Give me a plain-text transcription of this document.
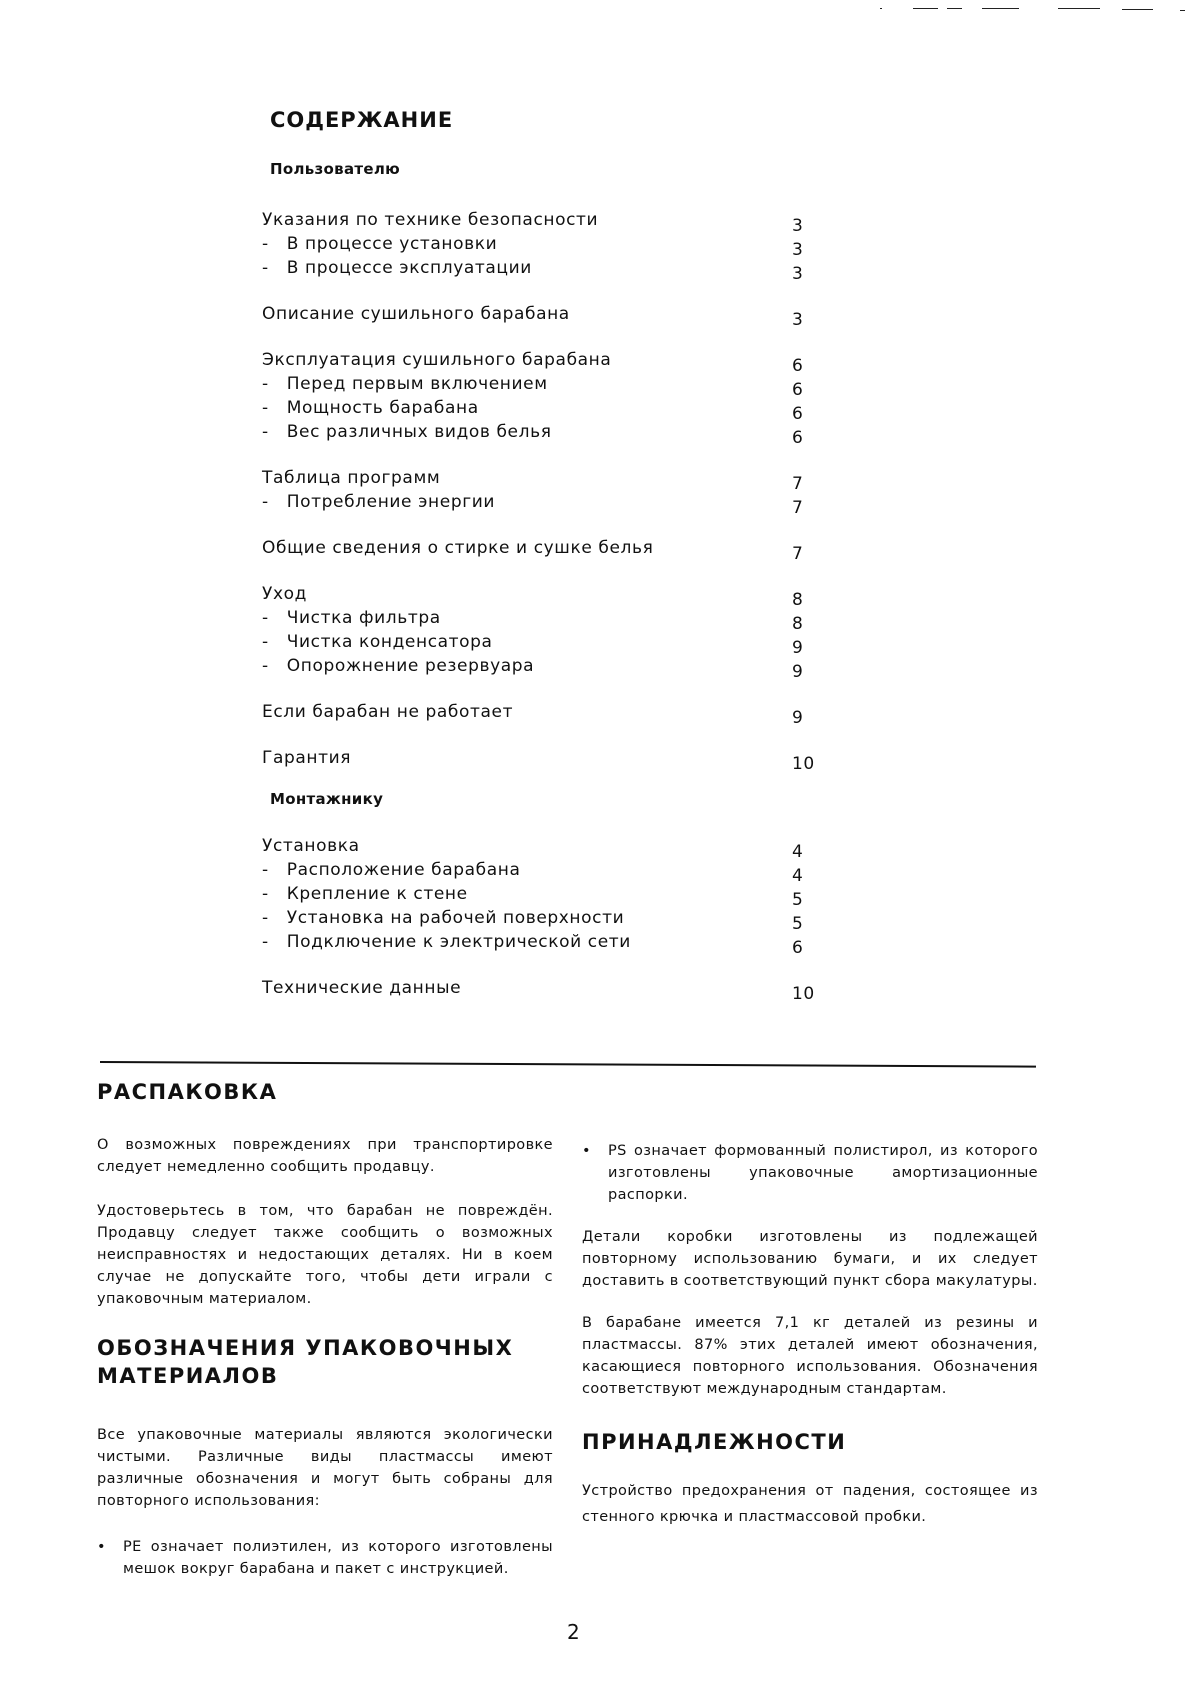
СОДЕРЖАНИЕ
Пользователю
Указания по технике безопасности	3
-   В процессе установки	3
-   В процессе эксплуатации	3
Описание сушильного барабана	3
Эксплуатация сушильного барабана	6
-   Перед первым включением	6
-   Мощность барабана	6
-   Вес различных видов белья	6
Таблица программ	7
-   Потребление энергии	7
Общие сведения о стирке и сушке белья	7
Уход	8
-   Чистка фильтра	8
-   Чистка конденсатора	9
-   Опорожнение резервуара	9
Если барабан не работает	9
Гарантия	10
Монтажнику
Установка	4
-   Расположение барабана	4
-   Крепление к стене	5
-   Установка на рабочей поверхности	5
-   Подключение к электрической сети	6
Технические данные	10
РАСПАКОВКА

О возможных повреждениях при транспортировке следует немедленно сообщить продавцу.

Удостоверьтесь в том, что барабан не повреждён. Продавцу следует также сообщить о возможных неисправностях и недостающих деталях. Ни в коем случае не допускайте того, чтобы дети играли с упаковочным материалом.

ОБОЗНАЧЕНИЯ УПАКОВОЧНЫХ МАТЕРИАЛОВ

Все упаковочные материалы являются экологически чистыми. Различные виды пластмассы имеют различные обозначения и могут быть собраны для повторного использования:

•	PE означает полиэтилен, из которого изготовлены мешок вокруг барабана и пакет с инструкцией.
•	PS означает формованный полистирол, из которого изготовлены упаковочные амортизационные распорки.

Детали коробки изготовлены из подлежащей повторному использованию бумаги, и их следует доставить в соответствующий пункт сбора макулатуры.

В барабане имеется 7,1 кг деталей из резины и пластмассы. 87% этих деталей имеют обозначения, касающиеся повторного использования. Обозначения соответствуют международным стандартам.

ПРИНАДЛЕЖНОСТИ

Устройство предохранения от падения, состоящее из стенного крючка и пластмассовой пробки.

2
